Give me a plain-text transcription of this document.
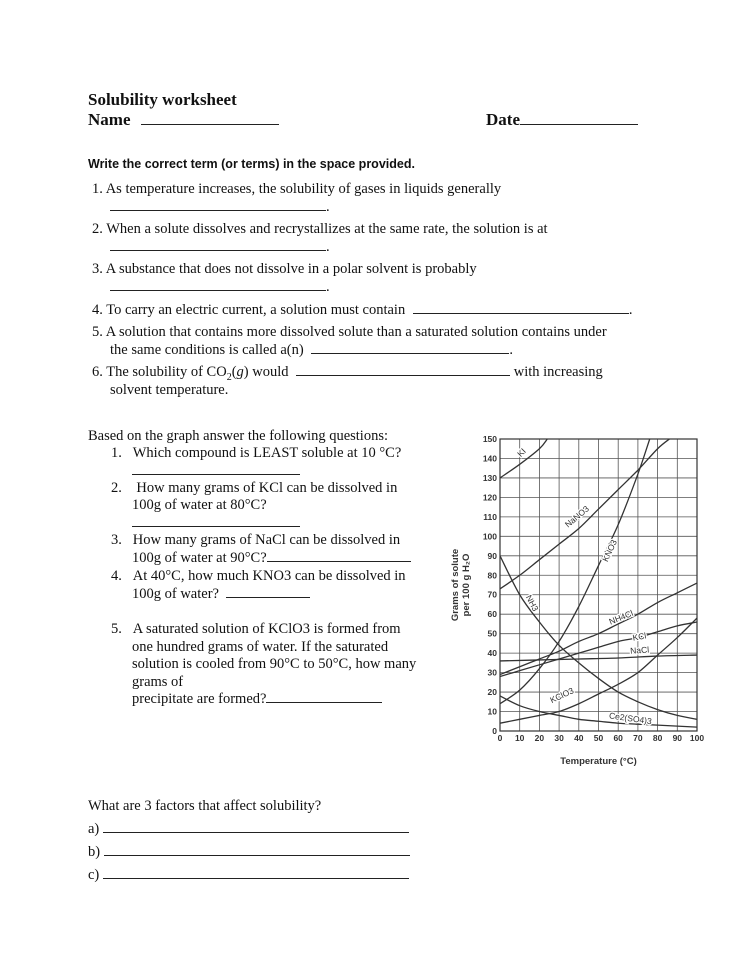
Solubility worksheet
Name	Date
Write the correct term (or terms) in the space provided.
1. As temperature increases, the solubility of gases in liquids generally
.
2. When a solute dissolves and recrystallizes at the same rate, the solution is at
.
3. A substance that does not dissolve in a polar solvent is probably
.
4. To carry an electric current, a solution must contain	.
5. A solution that contains more dissolved solute than a saturated solution contains under
the same conditions is called a(n)	.
6. The solubility of $CO_2(g)$ would	with increasing
solvent temperature.
Based on the graph answer the following questions:
1. Which compound is LEAST soluble at 10 °C?
2. How many grams of KCl can be dissolved in
100g of water at 80°C?
3. How many grams of NaCl can be dissolved in
100g of water at 90°C?
4. At 40°C, how much KNO3 can be dissolved in
100g of water?
5. A saturated solution of KClO3 is formed from
one hundred grams of water. If the saturated
solution is cooled from 90°C to 50°C, how many
grams of
precipitate are formed?
0 10 20 30 40 50 60 70 80 90 100
0
10
20
30
40
50
60
70
80
90
100
110
120
130
140
150
KI
NaNO3
KNO3
NH3
NH4Cl
KCl
NaCl
KClO3
Ce2(SO4)3
Grams of solute per 100 g H₂O
Temperature (°C)
What are 3 factors that affect solubility?
a)
b)
c)
